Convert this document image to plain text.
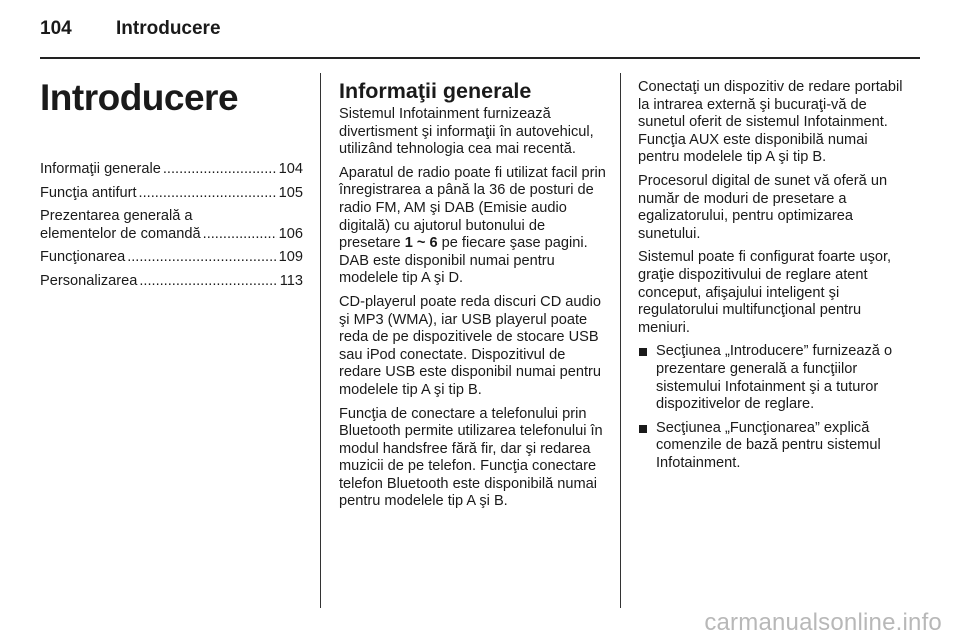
104	Introducere
Introducere
Informaţii generale .....	104
Funcţia antifurt .....	105
Prezentarea generală a
elementelor de comandă .....	106
Funcţionarea .....	109
Personalizarea .....	113
Informaţii generale

Sistemul Infotainment furnizează divertisment şi informaţii în autovehicul, utilizând tehnologia cea mai recentă.

Aparatul de radio poate fi utilizat facil prin înregistrarea a până la 36 de posturi de radio FM, AM şi DAB (Emisie audio digitală) cu ajutorul butonului de presetare 1 ~ 6 pe fiecare şase pagini. DAB este disponibil numai pentru modelele tip A şi D.

CD-playerul poate reda discuri CD audio şi MP3 (WMA), iar USB playerul poate reda de pe dispozitivele de stocare USB sau iPod conectate. Dispozitivul de redare USB este disponibil numai pentru modelele tip A şi tip B.

Funcţia de conectare a telefonului prin Bluetooth permite utilizarea telefonului în modul handsfree fără fir, dar şi redarea muzicii de pe telefon. Funcţia conectare telefon Bluetooth este disponibilă numai pentru modelele tip A şi B.

Conectaţi un dispozitiv de redare portabil la intrarea externă şi bucuraţi-vă de sunetul oferit de sistemul Infotainment. Funcţia AUX este disponibilă numai pentru modelele tip A şi tip B.

Procesorul digital de sunet vă oferă un număr de moduri de presetare a egalizatorului, pentru optimizarea sunetului.

Sistemul poate fi configurat foarte uşor, graţie dispozitivului de reglare atent conceput, afişajului inteligent şi regulatorului multifuncţional pentru meniuri.

Secţiunea „Introducere” furnizează o prezentare generală a funcţiilor sistemului Infotainment şi a tuturor dispozitivelor de reglare.
Secţiunea „Funcţionarea” explică comenzile de bază pentru sistemul Infotainment.
carmanualsonline.info
